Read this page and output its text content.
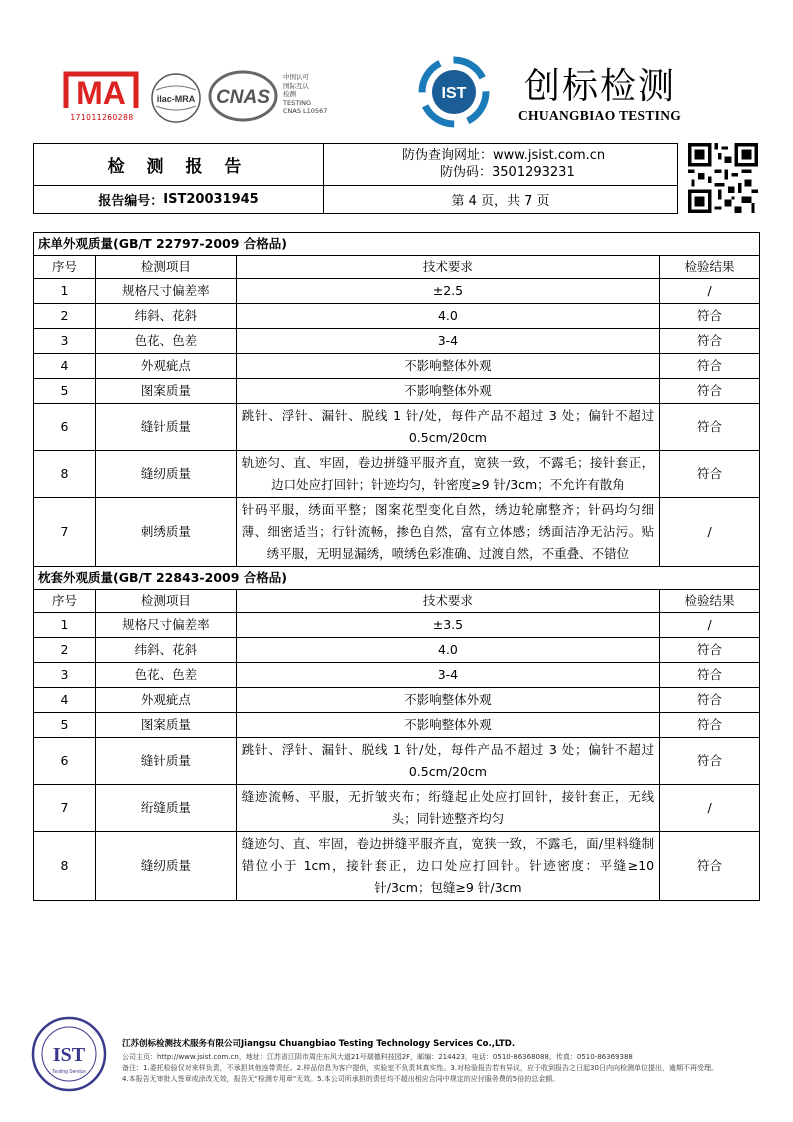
MA
171011260288
ilac-MRA CNAS
中国认可
国际互认
检测
TESTING
CNAS L10567
IST 创标检测
CHUANGBIAO TESTING
检 测 报 告
防伪查询网址：www.jsist.com.cn
防伪码：3501293231
报告编号： IST20031945	第 4 页，共 7 页
床单外观质量(GB/T 22797-2009 合格品)			
序号	检测项目	技术要求	检验结果
1	规格尺寸偏差率	±2.5	/
2	纬斜、花斜	4.0	符合
3	色花、色差	3-4	符合
4	外观疵点	不影响整体外观	符合
5	图案质量	不影响整体外观	符合
6	缝针质量	跳针、浮针、漏针、脱线 1 针/处，每件产品不超过 3 处；偏针不超过 0.5cm/20cm	符合
8	缝纫质量	轨迹匀、直、牢固，卷边拼缝平服齐直，宽狭一致，不露毛；接针套正，边口处应打回针；针迹均匀，针密度≥9 针/3cm；不允许有散角	符合
7	刺绣质量	针码平服，绣面平整；图案花型变化自然，绣边轮廓整齐；针码均匀细薄、细密适当；行针流畅，掺色自然，富有立体感；绣面洁净无沾污。贴绣平服，无明显漏绣，喷绣色彩准确、过渡自然，不重叠、不错位	/
枕套外观质量(GB/T 22843-2009 合格品)			
序号	检测项目	技术要求	检验结果
1	规格尺寸偏差率	±3.5	/
2	纬斜、花斜	4.0	符合
3	色花、色差	3-4	符合
4	外观疵点	不影响整体外观	符合
5	图案质量	不影响整体外观	符合
6	缝针质量	跳针、浮针、漏针、脱线 1 针/处，每件产品不超过 3 处；偏针不超过 0.5cm/20cm	符合
7	绗缝质量	缝迹流畅、平服，无折皱夹布；绗缝起止处应打回针，接针套正，无线头；同针迹整齐均匀	/
8	缝纫质量	缝迹匀、直、牢固，卷边拼缝平服齐直，宽狭一致，不露毛，面/里料缝制错位小于 1cm，接针套正，边口处应打回针。针迹密度：平缝≥10 针/3cm；包缝≥9 针/3cm	符合
IST
Testing Service
江苏创标检测技术服务有限公司Jiangsu Chuangbiao Testing Technology Services Co.,LTD.
公司主页：http://www.jsist.com.cn，地址：江苏省江阴市周庄东风大道21号瑞德科技园2F，邮编：214423，电话：0510-86368088，传真：0510-86369388
备注：1.委托检验仅对来样负责，不承担其他连带责任。2.样品信息为客户提供，实验室不负责其真实性。3.对检验报告若有异议，应于收到报告之日起30日内向检测单位提出，逾期不再受理。
4.本报告无审批人签章或涂改无效，报告无"检测专用章"无效。5.本公司所承担的责任均不超出相应合同中规定的应付服务费的5倍的总金额。
